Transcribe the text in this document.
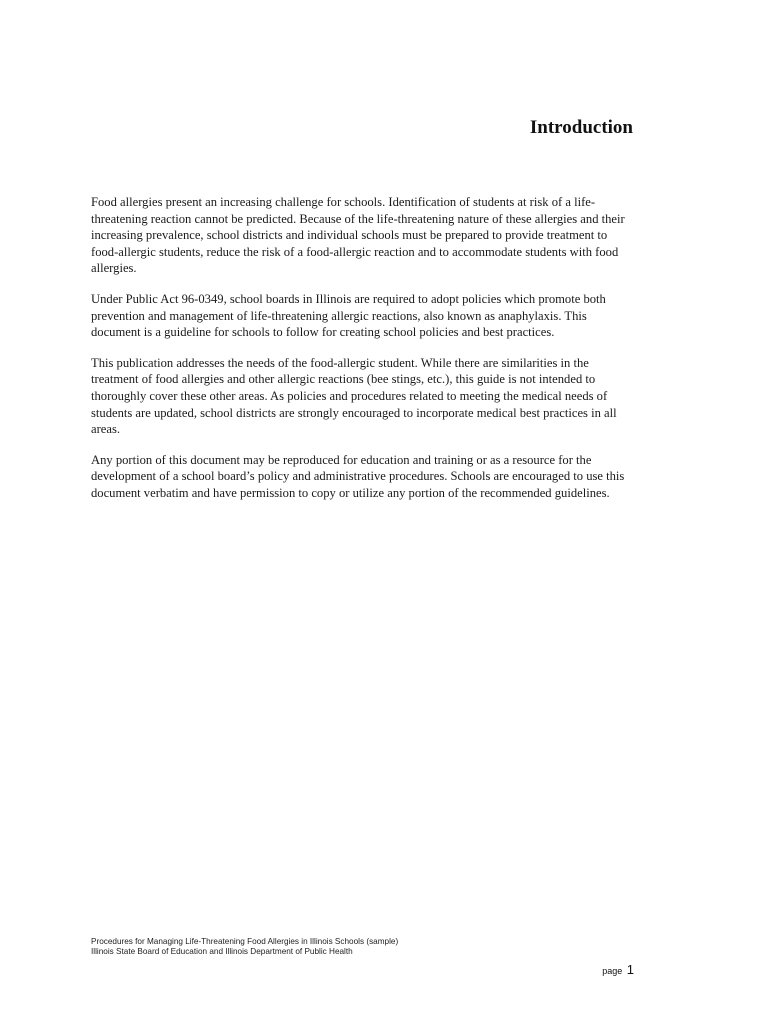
Introduction

Food allergies present an increasing challenge for schools. Identification of students at risk of a life-threatening reaction cannot be predicted. Because of the life-threatening nature of these allergies and their increasing prevalence, school districts and individual schools must be prepared to provide treatment to food-allergic students, reduce the risk of a food-allergic reaction and to accommodate students with food allergies.

Under Public Act 96-0349, school boards in Illinois are required to adopt policies which promote both prevention and management of life-threatening allergic reactions, also known as anaphylaxis. This document is a guideline for schools to follow for creating school policies and best practices.

This publication addresses the needs of the food-allergic student. While there are similarities in the treatment of food allergies and other allergic reactions (bee stings, etc.), this guide is not intended to thoroughly cover these other areas. As policies and procedures related to meeting the medical needs of students are updated, school districts are strongly encouraged to incorporate medical best practices in all areas.

Any portion of this document may be reproduced for education and training or as a resource for the development of a school board’s policy and administrative procedures. Schools are encouraged to use this document verbatim and have permission to copy or utilize any portion of the recommended guidelines.

Procedures for Managing Life-Threatening Food Allergies in Illinois Schools (sample)
Illinois State Board of Education and Illinois Department of Public Health
page 1
